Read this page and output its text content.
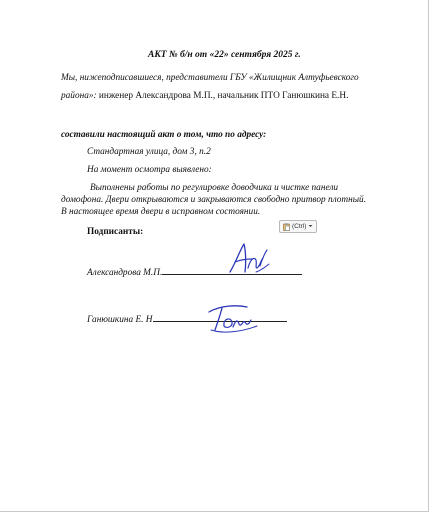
АКТ № б/н от «22» сентября 2025 г.
Мы, нижеподписавшиеся, представители ГБУ «Жилищник Алтуфьевского
района»: инженер Александрова М.П., начальник ПТО Ганюшкина Е.Н.
составили настоящий акт о том, что по адресу:
Стандартная улица, дом 3, п.2
На момент осмотра выявлено:
Выполнены работы по регулировке доводчика и чистке панели
домофона. Двери открываются и закрываются свободно притвор плотный.
В настоящее время двери в исправном состоянии.
(Ctrl)
Подписанты:
Александрова М.П.
Ганюшкина Е. Н
